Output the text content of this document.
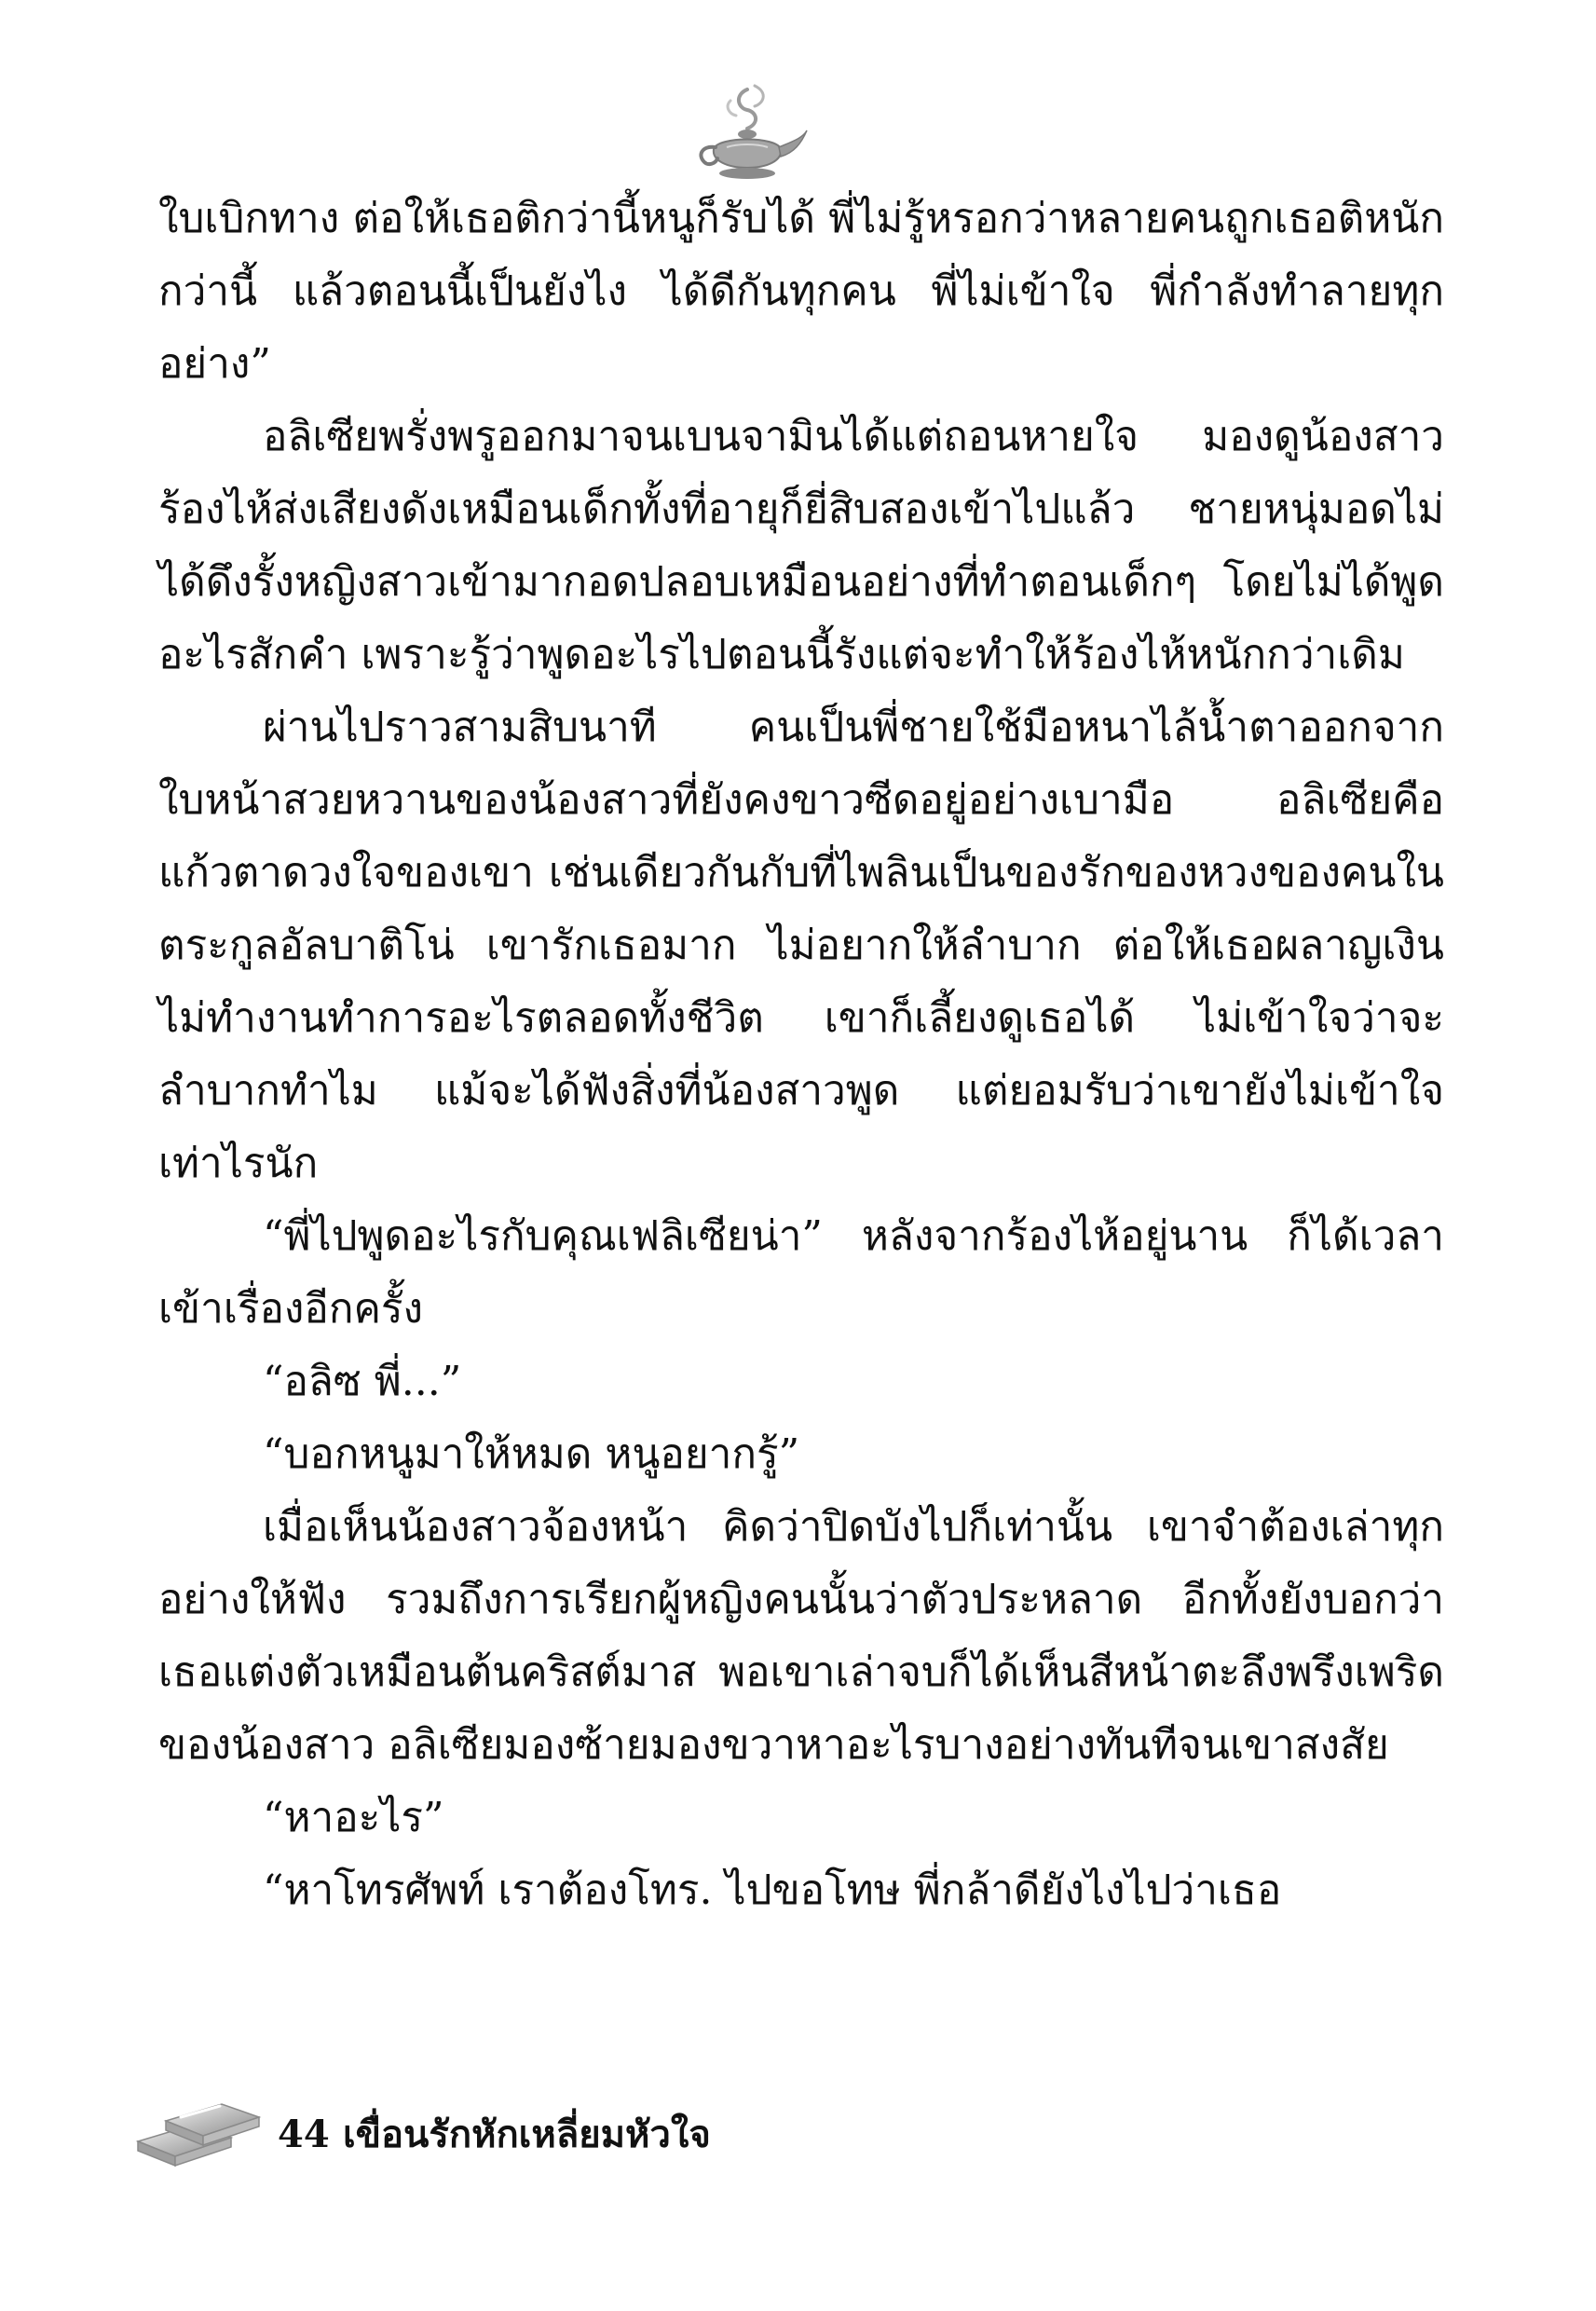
ใบเบิกทาง ต่อให้เธอติกว่านี้หนูก็รับได้ พี่ไม่รู้หรอกว่าหลายคนถูกเธอติหนักกว่านี้ แล้วตอนนี้เป็นยังไง ได้ดีกันทุกคน พี่ไม่เข้าใจ พี่กำลังทำลายทุกอย่าง”

อลิเซียพรั่งพรูออกมาจนเบนจามินได้แต่ถอนหายใจ มองดูน้องสาวร้องไห้ส่งเสียงดังเหมือนเด็กทั้งที่อายุก็ยี่สิบสองเข้าไปแล้ว ชายหนุ่มอดไม่ได้ดึงรั้งหญิงสาวเข้ามากอดปลอบเหมือนอย่างที่ทำตอนเด็กๆ โดยไม่ได้พูดอะไรสักคำ เพราะรู้ว่าพูดอะไรไปตอนนี้รังแต่จะทำให้ร้องไห้หนักกว่าเดิม

ผ่านไปราวสามสิบนาที คนเป็นพี่ชายใช้มือหนาไล้น้ำตาออกจากใบหน้าสวยหวานของน้องสาวที่ยังคงขาวซีดอยู่อย่างเบามือ อลิเซียคือแก้วตาดวงใจของเขา เช่นเดียวกันกับที่ไพลินเป็นของรักของหวงของคนในตระกูลอัลบาติโน่ เขารักเธอมาก ไม่อยากให้ลำบาก ต่อให้เธอผลาญเงิน ไม่ทำงานทำการอะไรตลอดทั้งชีวิต เขาก็เลี้ยงดูเธอได้ ไม่เข้าใจว่าจะลำบากทำไม แม้จะได้ฟังสิ่งที่น้องสาวพูด แต่ยอมรับว่าเขายังไม่เข้าใจเท่าไรนัก

“พี่ไปพูดอะไรกับคุณเฟลิเซียน่า” หลังจากร้องไห้อยู่นาน ก็ได้เวลาเข้าเรื่องอีกครั้ง

“อลิซ พี่...”

“บอกหนูมาให้หมด หนูอยากรู้”

เมื่อเห็นน้องสาวจ้องหน้า คิดว่าปิดบังไปก็เท่านั้น เขาจำต้องเล่าทุกอย่างให้ฟัง รวมถึงการเรียกผู้หญิงคนนั้นว่าตัวประหลาด อีกทั้งยังบอกว่าเธอแต่งตัวเหมือนต้นคริสต์มาส พอเขาเล่าจบก็ได้เห็นสีหน้าตะลึงพรึงเพริดของน้องสาว อลิเซียมองซ้ายมองขวาหาอะไรบางอย่างทันทีจนเขาสงสัย

“หาอะไร”

“หาโทรศัพท์ เราต้องโทร. ไปขอโทษ พี่กล้าดียังไงไปว่าเธอ

44 เขื่อนรักหักเหลี่ยมหัวใจ
